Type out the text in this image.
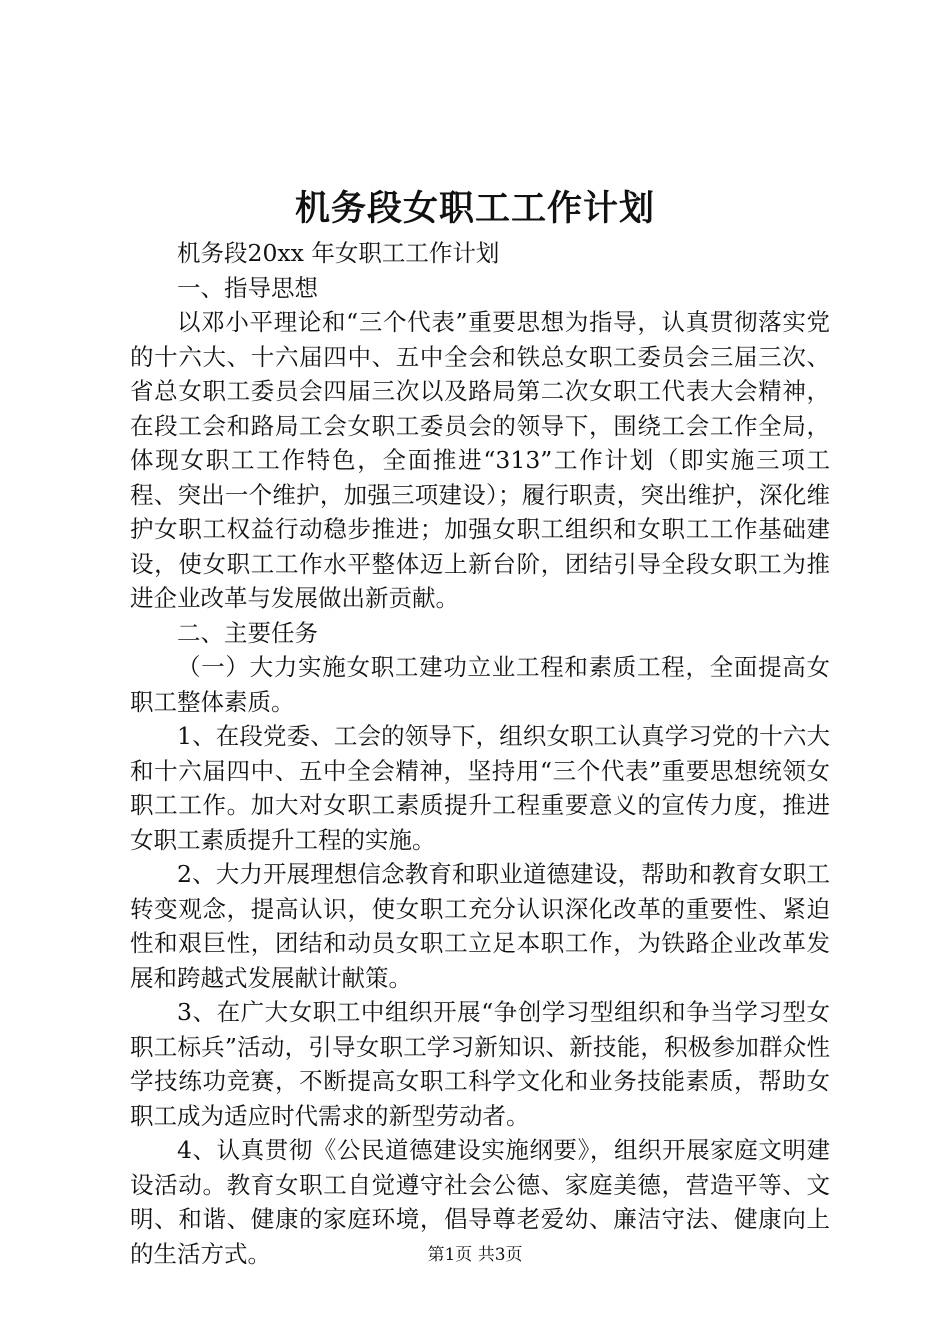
机务段女职工工作计划

机务段20xx 年女职工工作计划

一、指导思想

以邓小平理论和“三个代表”重要思想为指导，认真贯彻落实党的十六大、十六届四中、五中全会和铁总女职工委员会三届三次、省总女职工委员会四届三次以及路局第二次女职工代表大会精神，在段工会和路局工会女职工委员会的领导下，围绕工会工作全局，体现女职工工作特色，全面推进“313”工作计划（即实施三项工程、突出一个维护，加强三项建设）；履行职责，突出维护，深化维护女职工权益行动稳步推进；加强女职工组织和女职工工作基础建设，使女职工工作水平整体迈上新台阶，团结引导全段女职工为推进企业改革与发展做出新贡献。

二、主要任务

（一）大力实施女职工建功立业工程和素质工程，全面提高女职工整体素质。

1、在段党委、工会的领导下，组织女职工认真学习党的十六大和十六届四中、五中全会精神，坚持用“三个代表”重要思想统领女职工工作。加大对女职工素质提升工程重要意义的宣传力度，推进女职工素质提升工程的实施。

2、大力开展理想信念教育和职业道德建设，帮助和教育女职工转变观念，提高认识，使女职工充分认识深化改革的重要性、紧迫性和艰巨性，团结和动员女职工立足本职工作，为铁路企业改革发展和跨越式发展献计献策。

3、在广大女职工中组织开展“争创学习型组织和争当学习型女职工标兵”活动，引导女职工学习新知识、新技能，积极参加群众性学技练功竞赛，不断提高女职工科学文化和业务技能素质，帮助女职工成为适应时代需求的新型劳动者。

4、认真贯彻《公民道德建设实施纲要》，组织开展家庭文明建设活动。教育女职工自觉遵守社会公德、家庭美德，营造平等、文明、和谐、健康的家庭环境，倡导尊老爱幼、廉洁守法、健康向上的生活方式。	第1页 共3页
